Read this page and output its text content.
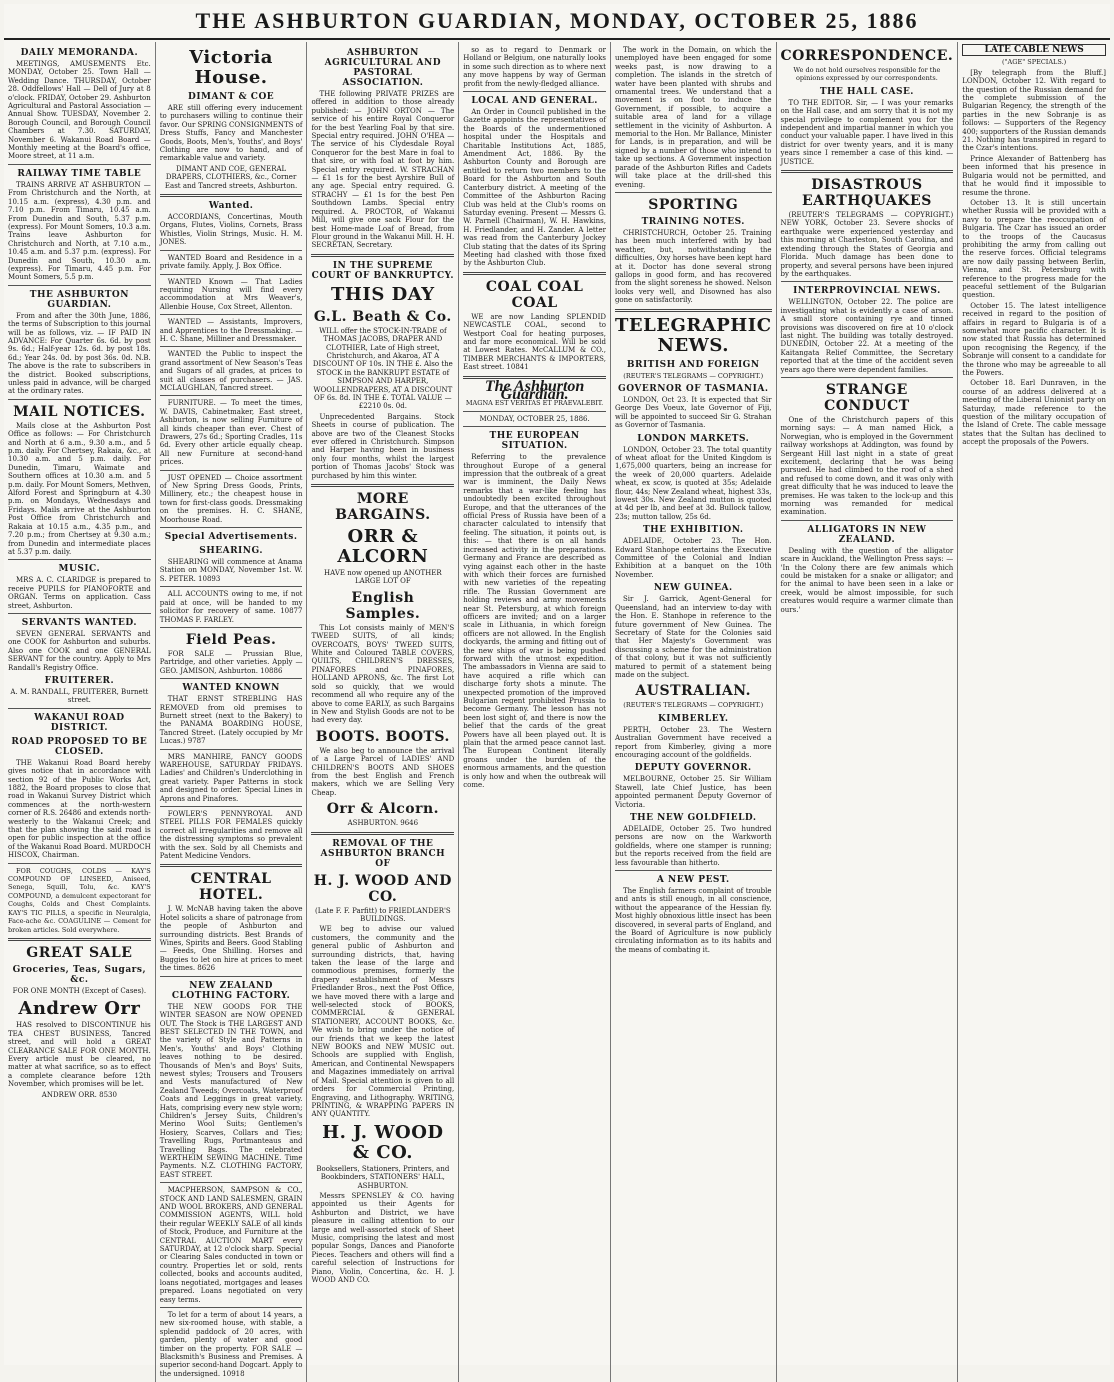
THE ASHBURTON GUARDIAN, MONDAY, OCTOBER 25, 1886
DAILY MEMORANDA.
MEETINGS, AMUSEMENTS Etc. MONDAY, October 25. Town Hall — Wedding Dance. THURSDAY, October 28. Oddfellows' Hall — Dell of Jury at 8 o'clock. FRIDAY, October 29. Ashburton Agricultural and Pastoral Association — Annual Show. TUESDAY, November 2. Borough Council, and Borough Council Chambers at 7.30. SATURDAY, November 6. Wakanui Road Board — Monthly meeting at the Board's office, Moore street, at 11 a.m.
RAILWAY TIME TABLE
TRAINS ARRIVE AT ASHBURTON — From Christchurch and the North, at 10.15 a.m. (express), 4.30 p.m. and 7.10 p.m. From Timaru, 10.45 a.m. From Dunedin and South, 5.37 p.m. (express). For Mount Somers, 10.3 a.m. Trains leave Ashburton for Christchurch and North, at 7.10 a.m., 10.45 a.m. and 5.37 p.m. (express). For Dunedin and South, 10.30 a.m. (express). For Timaru, 4.45 p.m. For Mount Somers, 5.5 p.m.
THE ASHBURTON GUARDIAN.
From and after the 30th June, 1886, the terms of Subscription to this journal will be as follows, viz. — IF PAID IN ADVANCE: For Quarter 6s. 6d. by post 9s. 6d.; Half-year 12s. 6d. by post 18s. 6d.; Year 24s. 0d. by post 36s. 0d. N.B. The above is the rate to subscribers in the district. Booked subscriptions, unless paid in advance, will be charged at the ordinary rates.
MAIL NOTICES.
Mails close at the Ashburton Post Office as follows: — For Christchurch and North at 6 a.m., 9.30 a.m., and 5 p.m. daily. For Chertsey, Rakaia, &c., at 10.30 a.m. and 5 p.m. daily. For Dunedin, Timaru, Waimate and Southern offices at 10.30 a.m. and 5 p.m. daily. For Mount Somers, Methven, Alford Forest and Springburn at 4.30 p.m. on Mondays, Wednesdays and Fridays. Mails arrive at the Ashburton Post Office from Christchurch and Rakaia at 10.15 a.m., 4.35 p.m., and 7.20 p.m.; from Chertsey at 9.30 a.m.; from Dunedin and intermediate places at 5.37 p.m. daily.
MUSIC.
MRS A. C. CLARIDGE is prepared to receive PUPILS for PIANOFORTE and ORGAN. Terms on application. Cass street, Ashburton.
SERVANTS WANTED.
SEVEN GENERAL SERVANTS and one COOK for Ashburton and suburbs. Also one COOK and one GENERAL SERVANT for the country. Apply to Mrs Randall's Registry Office.
FRUITERER.
A. M. RANDALL, FRUITERER, Burnett street.
WAKANUI ROAD DISTRICT.
ROAD PROPOSED TO BE CLOSED.
THE Wakanui Road Board hereby gives notice that in accordance with section 92 of the Public Works Act, 1882, the Board proposes to close that road in Wakanui Survey District which commences at the north-western corner of R.S. 26486 and extends north-westerly to the Wakanui Creek; and that the plan showing the said road is open for public inspection at the office of the Wakanui Road Board. MURDOCH HISCOX, Chairman.
FOR COUGHS, COLDS — KAY'S COMPOUND OF LINSEED, Aniseed, Senega, Squill, Tolu, &c. KAY'S COMPOUND, a demulcent expectorant for Coughs, Colds and Chest Complaints. KAY'S TIC PILLS, a specific in Neuralgia, Face-ache &c. COAGULINE — Cement for broken articles. Sold everywhere.
GREAT SALE
Groceries, Teas, Sugars, &c.
FOR ONE MONTH (Except of Cases).
Andrew Orr
HAS resolved to DISCONTINUE his TEA CHEST BUSINESS, Tancred street, and will hold a GREAT CLEARANCE SALE FOR ONE MONTH. Every article must be cleared, no matter at what sacrifice, so as to effect a complete clearance before 12th November, which promises will be let.
ANDREW ORR. 8530
Victoria House.
DIMANT & COE
ARE still offering every inducement to purchasers willing to continue their favor. Our SPRING CONSIGNMENTS of Dress Stuffs, Fancy and Manchester Goods, Boots, Men's, Youths', and Boys' Clothing are now to hand, and of remarkable value and variety.
DIMANT AND COE, GENERAL DRAPERS, CLOTHIERS, &c., Corner East and Tancred streets, Ashburton.
Wanted.
ACCORDIANS, Concertinas, Mouth Organs, Flutes, Violins, Cornets, Brass Whistles, Violin Strings, Music. H. M. JONES.
WANTED Board and Residence in a private family. Apply, J. Box Office.
WANTED Known — That Ladies requiring Nursing will find every accommodation at Mrs Weaver's, Allenbie House, Cox Street, Allenton.
WANTED — Assistants, Improvers, and Apprentices to the Dressmaking. — H. C. Shane, Milliner and Dressmaker.
WANTED the Public to inspect the grand assortment of New Season's Teas and Sugars of all grades, at prices to suit all classes of purchasers. — JAS. MCLAUGHLAN, Tancred street.
FURNITURE. — To meet the times, W. DAVIS, Cabinetmaker, East street, Ashburton, is now selling Furniture of all kinds cheaper than ever. Chest of Drawers, 27s 6d.; Sporting Cradles, 11s 6d. Every other article equally cheap. All new Furniture at second-hand prices.
JUST OPENED — Choice assortment of New Spring Dress Goods, Prints, Millinery, etc.; the cheapest house in town for first-class goods. Dressmaking on the premises. H. C. SHANE, Moorhouse Road.
Special Advertisements.
SHEARING.
SHEARING will commence at Anama Station on MONDAY, November 1st. W. S. PETER. 10893
ALL ACCOUNTS owing to me, if not paid at once, will be handed to my solicitor for recovery of same. 10877 THOMAS F. FARLEY.
Field Peas.
FOR SALE — Prussian Blue, Partridge, and other varieties. Apply — GEO. JAMISON, Ashburton. 10886
WANTED KNOWN
THAT ERNST STREBLING HAS REMOVED from old premises to Burnett street (next to the Bakery) to the PANAMA BOARDING HOUSE, Tancred Street. (Lately occupied by Mr Lucas.) 9787
MRS MANHIRE, FANCY GOODS WAREHOUSE, SATURDAY FRIDAYS. Ladies' and Children's Underclothing in great variety. Paper Patterns in stock and designed to order. Special Lines in Aprons and Pinafores.
FOWLER'S PENNYROYAL AND STEEL PILLS FOR FEMALES quickly correct all irregularities and remove all the distressing symptoms so prevalent with the sex. Sold by all Chemists and Patent Medicine Vendors.
CENTRAL HOTEL.
J. W. McNAB having taken the above Hotel solicits a share of patronage from the people of Ashburton and surrounding districts. Best Brands of Wines, Spirits and Beers. Good Stabling — Feeds, One Shilling. Horses and Buggies to let on hire at prices to meet the times. 8626
NEW ZEALAND CLOTHING FACTORY.
THE NEW GOODS FOR THE WINTER SEASON are NOW OPENED OUT. The Stock is THE LARGEST AND BEST SELECTED IN THE TOWN, and the variety of Style and Patterns in Men's, Youths' and Boys' Clothing leaves nothing to be desired. Thousands of Men's and Boys' Suits, newest styles; Trousers and Trousers and Vests manufactured of New Zealand Tweeds; Overcoats, Waterproof Coats and Leggings in great variety. Hats, comprising every new style worn; Children's Jersey Suits, Children's Merino Wool Suits; Gentlemen's Hosiery, Scarves, Collars and Ties; Travelling Rugs, Portmanteaus and Travelling Bags. The celebrated WERTHEIM SEWING MACHINE. Time Payments. N.Z. CLOTHING FACTORY, EAST STREET.
MACPHERSON, SAMPSON & CO., STOCK AND LAND SALESMEN, GRAIN AND WOOL BROKERS, AND GENERAL COMMISSION AGENTS, WILL hold their regular WEEKLY SALE of all kinds of Stock, Produce, and Furniture at the CENTRAL AUCTION MART every SATURDAY, at 12 o'clock sharp. Special or Clearing Sales conducted in town or country. Properties let or sold, rents collected, books and accounts audited, loans negotiated, mortgages and leases prepared. Loans negotiated on very easy terms.
To let for a term of about 14 years, a new six-roomed house, with stable, a splendid paddock of 20 acres, with garden, plenty of water and good timber on the property. FOR SALE — Blacksmith's Business and Premises. A superior second-hand Dogcart. Apply to the undersigned. 10918
ASHBURTON AGRICULTURAL AND PASTORAL ASSOCIATION.
THE following PRIVATE PRIZES are offered in addition to those already published: — JOHN ORTON — The service of his entire Royal Conqueror for the best Yearling Foal by that sire. Special entry required. JOHN O'HEA — The service of his Clydesdale Royal Conqueror for the best Mare in foal to that sire, or with foal at foot by him. Special entry required. W. STRACHAN — £1 1s for the best Ayrshire Bull of any age. Special entry required. G. STRACHY — £1 1s for the best Pen Southdown Lambs. Special entry required. A. PROCTOR, of Wakanui Mill, will give one sack Flour for the best Home-made Loaf of Bread, from Flour ground in the Wakanui Mill. H. H. SECRETAN, Secretary.
IN THE SUPREME COURT OF BANKRUPTCY.
THIS DAY
G.L. Beath & Co.
WILL offer the STOCK-IN-TRADE of THOMAS JACOBS, DRAPER AND CLOTHIER, Late of High street, Christchurch, and Akaroa, AT A DISCOUNT OF 10s. IN THE £. Also the STOCK in the BANKRUPT ESTATE of SIMPSON AND HARPER, WOOLLENDRAPERS, AT A DISCOUNT OF 6s. 8d. IN THE £. TOTAL VALUE — £2210 0s. 0d.
Unprecedented Bargains. Stock Sheets in course of publication. The above are two of the Cleanest Stocks ever offered in Christchurch. Simpson and Harper having been in business only four months, whilst the largest portion of Thomas Jacobs' Stock was purchased by him this winter.
MORE BARGAINS.
ORR & ALCORN
HAVE now opened up ANOTHER LARGE LOT OF
English Samples.
This Lot consists mainly of MEN'S TWEED SUITS, of all kinds; OVERCOATS, BOYS' TWEED SUITS, White and Coloured TABLE COVERS, QUILTS, CHILDREN'S DRESSES, PINAFORES and PINAFORES, HOLLAND APRONS, &c. The first Lot sold so quickly, that we would recommend all who require any of the above to come EARLY, as such Bargains in New and Stylish Goods are not to be had every day.
BOOTS. BOOTS.
We also beg to announce the arrival of a Large Parcel of LADIES' AND CHILDREN'S BOOTS AND SHOES from the best English and French makers, which we are Selling Very Cheap.
Orr & Alcorn.
ASHBURTON. 9646
REMOVAL OF THE ASHBURTON BRANCH OF
H. J. WOOD AND CO.
(Late F. F. Parfitt) to FRIEDLANDER'S BUILDINGS.
WE beg to advise our valued customers, the community and the general public of Ashburton and surrounding districts, that, having taken the lease of the large and commodious premises, formerly the drapery establishment of Messrs Friedlander Bros., next the Post Office, we have moved there with a large and well-selected stock of BOOKS, COMMERCIAL & GENERAL STATIONERY, ACCOUNT BOOKS, &c. We wish to bring under the notice of our friends that we keep the latest NEW BOOKS and NEW MUSIC out. Schools are supplied with English, American, and Continental Newspapers and Magazines immediately on arrival of Mail. Special attention is given to all orders for Commercial Printing, Engraving, and Lithography. WRITING, PRINTING, & WRAPPING PAPERS IN ANY QUANTITY.
H. J. WOOD & CO.
Booksellers, Stationers, Printers, and Bookbinders, STATIONERS' HALL, ASHBURTON.
Messrs SPENSLEY & CO. having appointed us their Agents for Ashburton and District, we have pleasure in calling attention to our large and well-assorted stock of Sheet Music, comprising the latest and most popular Songs, Dances and Pianoforte Pieces. Teachers and others will find a careful selection of Instructions for Piano, Violin, Concertina, &c. H. J. WOOD AND CO.
so as to regard to Denmark or Holland or Belgium, one naturally looks in some such direction as to where next any move happens by way of German profit from the newly-fledged alliance.
LOCAL AND GENERAL.
An Order in Council published in the Gazette appoints the representatives of the Boards of the undermentioned hospital under the Hospitals and Charitable Institutions Act, 1885, Amendment Act, 1886. By the Ashburton County and Borough are entitled to return two members to the Board for the Ashburton and South Canterbury district. A meeting of the Committee of the Ashburton Racing Club was held at the Club's rooms on Saturday evening. Present — Messrs G. W. Parnell (Chairman), W. H. Hawkins, H. Friedlander, and H. Zander. A letter was read from the Canterbury Jockey Club stating that the dates of its Spring Meeting had clashed with those fixed by the Ashburton Club.
COAL COAL COAL
WE are now Landing SPLENDID NEWCASTLE COAL, second to Westport Coal for heating purposes, and far more economical. Will be sold at Lowest Rates. McCALLUM & CO., TIMBER MERCHANTS & IMPORTERS, East street. 10841
The Ashburton Guardian.
MAGNA EST VERITAS ET PRAEVALEBIT.
MONDAY, OCTOBER 25, 1886.
THE EUROPEAN SITUATION.
Referring to the prevalence throughout Europe of a general impression that the outbreak of a great war is imminent, the Daily News remarks that a war-like feeling has undoubtedly been excited throughout Europe, and that the utterances of the official Press of Russia have been of a character calculated to intensify that feeling. The situation, it points out, is this: — that there is on all hands increased activity in the preparations. Germany and France are described as vying against each other in the haste with which their forces are furnished with new varieties of the repeating rifle. The Russian Government are holding reviews and army movements near St. Petersburg, at which foreign officers are invited; and on a larger scale in Lithuania, in which foreign officers are not allowed. In the English dockyards, the arming and fitting out of the new ships of war is being pushed forward with the utmost expedition. The ambassadors in Vienna are said to have acquired a rifle which can discharge forty shots a minute. The unexpected promotion of the improved Bulgarian regent prohibited Prussia to become Germany. The lesson has not been lost sight of, and there is now the belief that the cards of the great Powers have all been played out. It is plain that the armed peace cannot last. The European Continent literally groans under the burden of the enormous armaments, and the question is only how and when the outbreak will come.
The work in the Domain, on which the unemployed have been engaged for some weeks past, is now drawing to a completion. The islands in the stretch of water have been planted with shrubs and ornamental trees. We understand that a movement is on foot to induce the Government, if possible, to acquire a suitable area of land for a village settlement in the vicinity of Ashburton. A memorial to the Hon. Mr Ballance, Minister for Lands, is in preparation, and will be signed by a number of those who intend to take up sections. A Government inspection parade of the Ashburton Rifles and Cadets will take place at the drill-shed this evening.
SPORTING
TRAINING NOTES.
CHRISTCHURCH, October 25. Training has been much interfered with by bad weather, but, notwithstanding the difficulties, Oxy horses have been kept hard at it. Doctor has done several strong gallops in good form, and has recovered from the slight soreness he showed. Nelson looks very well, and Disowned has also gone on satisfactorily.
TELEGRAPHIC NEWS.
BRITISH AND FOREIGN
(REUTER'S TELEGRAMS — COPYRIGHT.)
GOVERNOR OF TASMANIA.
LONDON, Oct 23. It is expected that Sir George Des Voeux, late Governor of Fiji, will be appointed to succeed Sir G. Strahan as Governor of Tasmania.
LONDON MARKETS.
LONDON, October 23. The total quantity of wheat afloat for the United Kingdom is 1,675,000 quarters, being an increase for the week of 20,000 quarters. Adelaide wheat, ex scow, is quoted at 35s; Adelaide flour, 44s; New Zealand wheat, highest 33s, lowest 30s. New Zealand mutton is quoted at 4d per lb, and beef at 3d. Bullock tallow, 23s; mutton tallow, 25s 6d.
THE EXHIBITION.
ADELAIDE, October 23. The Hon. Edward Stanhope entertains the Executive Committee of the Colonial and Indian Exhibition at a banquet on the 10th November.
NEW GUINEA.
Sir J. Garrick, Agent-General for Queensland, had an interview to-day with the Hon. E. Stanhope in reference to the future government of New Guinea. The Secretary of State for the Colonies said that Her Majesty's Government was discussing a scheme for the administration of that colony, but it was not sufficiently matured to permit of a statement being made on the subject.
AUSTRALIAN.
(REUTER'S TELEGRAMS — COPYRIGHT.)
KIMBERLEY.
PERTH, October 23. The Western Australian Government have received a report from Kimberley, giving a more encouraging account of the goldfields.
DEPUTY GOVERNOR.
MELBOURNE, October 25. Sir William Stawell, late Chief Justice, has been appointed permanent Deputy Governor of Victoria.
THE NEW GOLDFIELD.
ADELAIDE, October 25. Two hundred persons are now on the Warkworth goldfields, where one stamper is running; but the reports received from the field are less favourable than hitherto.
A NEW PEST.
The English farmers complaint of trouble and ants is still enough, in all conscience, without the appearance of the Hessian fly. Most highly obnoxious little insect has been discovered, in several parts of England, and the Board of Agriculture is now publicly circulating information as to its habits and the means of combating it.
CORRESPONDENCE.
We do not hold ourselves responsible for the opinions expressed by our correspondents.
THE HALL CASE.
TO THE EDITOR. Sir, — I was your remarks on the Hall case, and am sorry that it is not my special privilege to complement you for the independent and impartial manner in which you conduct your valuable paper. I have lived in this district for over twenty years, and it is many years since I remember a case of this kind. — JUSTICE.
DISASTROUS EARTHQUAKES
(REUTER'S TELEGRAMS — COPYRIGHT.) NEW YORK, October 23. Severe shocks of earthquake were experienced yesterday and this morning at Charleston, South Carolina, and extending through the States of Georgia and Florida. Much damage has been done to property, and several persons have been injured by the earthquakes.
INTERPROVINCIAL NEWS.
WELLINGTON, October 22. The police are investigating what is evidently a case of arson. A small store containing rye and tinned provisions was discovered on fire at 10 o'clock last night. The building was totally destroyed. DUNEDIN, October 22. At a meeting of the Kaitangata Relief Committee, the Secretary reported that at the time of the accident seven years ago there were dependent families.
STRANGE CONDUCT
One of the Christchurch papers of this morning says: — A man named Hick, a Norwegian, who is employed in the Government railway workshops at Addington, was found by Sergeant Hill last night in a state of great excitement, declaring that he was being pursued. He had climbed to the roof of a shed and refused to come down, and it was only with great difficulty that he was induced to leave the premises. He was taken to the lock-up and this morning was remanded for medical examination.
ALLIGATORS IN NEW ZEALAND.
Dealing with the question of the alligator scare in Auckland, the Wellington Press says: — 'In the Colony there are few animals which could be mistaken for a snake or alligator; and for the animal to have been seen in a lake or creek, would be almost impossible, for such creatures would require a warmer climate than ours.'
LATE CABLE NEWS
("AGE" SPECIALS.)
[By telegraph from the Bluff.] LONDON, October 12. With regard to the question of the Russian demand for the complete submission of the Bulgarian Regency, the strength of the parties in the new Sobranje is as follows: — Supporters of the Regency 400; supporters of the Russian demands 21. Nothing has transpired in regard to the Czar's intentions.
Prince Alexander of Battenberg has been informed that his presence in Bulgaria would not be permitted, and that he would find it impossible to resume the throne.
October 13. It is still uncertain whether Russia will be provided with a navy to prepare the reoccupation of Bulgaria. The Czar has issued an order to the troops of the Caucasus prohibiting the army from calling out the reserve forces. Official telegrams are now daily passing between Berlin, Vienna, and St. Petersburg with reference to the progress made for the peaceful settlement of the Bulgarian question.
October 15. The latest intelligence received in regard to the position of affairs in regard to Bulgaria is of a somewhat more pacific character. It is now stated that Russia has determined upon recognising the Regency, if the Sobranje will consent to a candidate for the throne who may be agreeable to all the Powers.
October 18. Earl Dunraven, in the course of an address delivered at a meeting of the Liberal Unionist party on Saturday, made reference to the question of the military occupation of the Island of Crete. The cable message states that the Sultan has declined to accept the proposals of the Powers.
